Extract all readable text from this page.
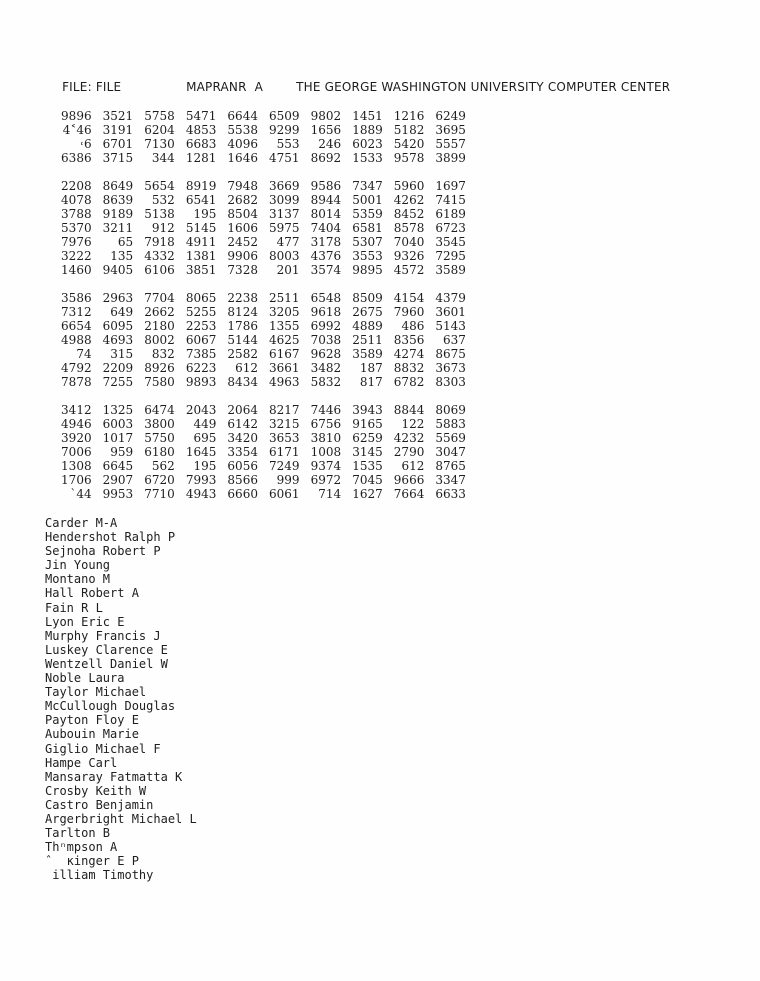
FILE: FILE	MAPRANR  A	THE GEORGE WASHINGTON UNIVERSITY COMPUTER CENTER

9896 3521 5758 5471 6644 6509 9802 1451 1216 6249
4˂46 3191 6204 4853 5538 9299 1656 1889 5182 3695
˓6 6701 7130 6683 4096	553	246 6023 5420 5557
6386 3715	344 1281 1646 4751 8692 1533 9578 3899
2208 8649 5654 8919 7948 3669 9586 7347 5960 1697
4078 8639	532 6541 2682 3099 8944 5001 4262 7415
3788 9189 5138	195 8504 3137 8014 5359 8452 6189
5370 3211	912 5145 1606 5975 7404 6581 8578 6723
7976	65 7918 4911 2452	477 3178 5307 7040 3545
3222	135 4332 1381 9906 8003 4376 3553 9326 7295
1460 9405 6106 3851 7328	201 3574 9895 4572 3589
3586 2963 7704 8065 2238 2511 6548 8509 4154 4379
7312	649 2662 5255 8124 3205 9618 2675 7960 3601
6654 6095 2180 2253 1786 1355 6992 4889	486 5143
4988 4693 8002 6067 5144 4625 7038 2511 8356	637
74	315	832 7385 2582 6167 9628 3589 4274 8675
4792 2209 8926 6223	612 3661 3482	187 8832 3673
7878 7255 7580 9893 8434 4963 5832	817 6782 8303
3412 1325 6474 2043 2064 8217 7446 3943 8844 8069
4946 6003 3800	449 6142 3215 6756 9165	122 5883
3920 1017 5750	695 3420 3653 3810 6259 4232 5569
7006	959 6180 1645 3354 6171 1008 3145 2790 3047
1308 6645	562	195 6056 7249 9374 1535	612 8765
1706 2907 6720 7993 8566	999 6972 7045 9666 3347
ˋ44 9953 7710 4943 6660 6061	714 1627 7664 6633
Carder M-A
Hendershot Ralph P
Sejnoha Robert P
Jin Young
Montano M
Hall Robert A
Fain R L
Lyon Eric E
Murphy Francis J
Luskey Clarence E
Wentzell Daniel W
Noble Laura
Taylor Michael
McCullough Douglas
Payton Floy E
Aubouin Marie
Giglio Michael F
Hampe Carl
Mansaray Fatmatta K
Crosby Keith W
Castro Benjamin
Argerbright Michael L
Tarlton B
Thⁿmpson A
ˆ  κinger E P
illiam Timothy
